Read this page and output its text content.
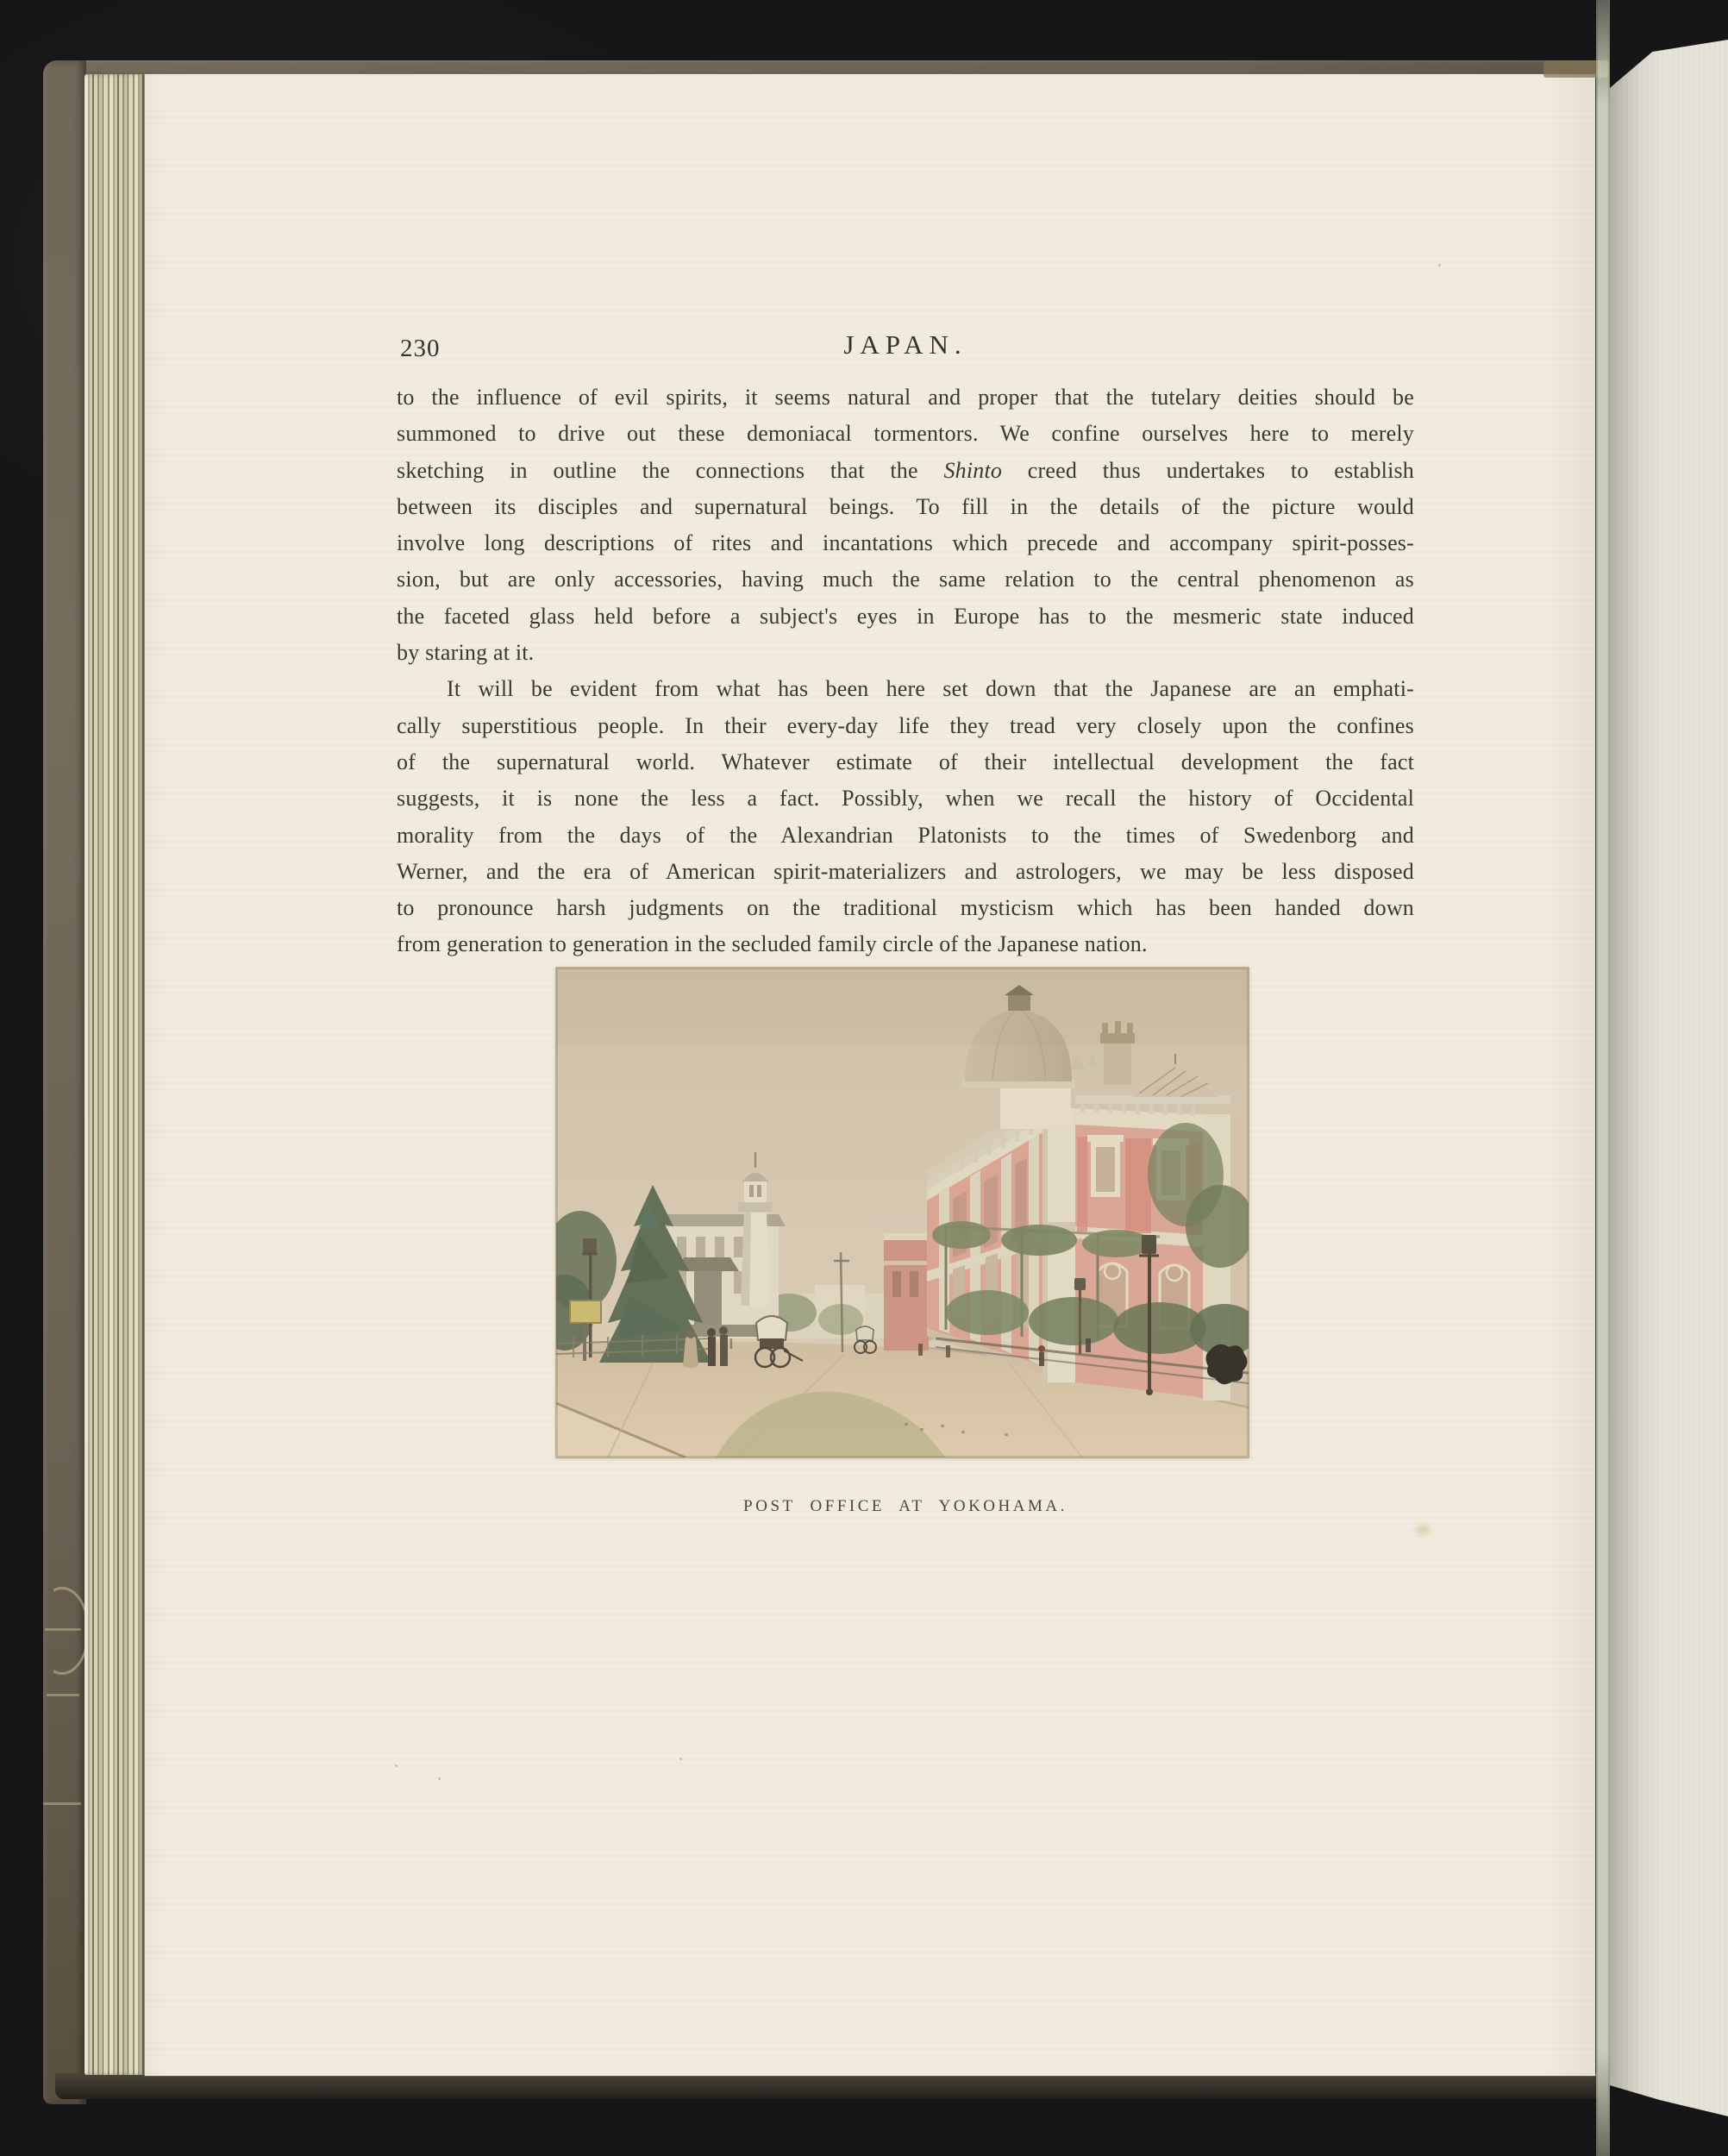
230	JAPAN.
to the influence of evil spirits, it seems natural and proper that the tutelary deities should be
summoned to drive out these demoniacal tormentors. We confine ourselves here to merely
sketching in outline the connections that the Shinto creed thus undertakes to establish
between its disciples and supernatural beings. To fill in the details of the picture would
involve long descriptions of rites and incantations which precede and accompany spirit-posses-
sion, but are only accessories, having much the same relation to the central phenomenon as
the faceted glass held before a subject's eyes in Europe has to the mesmeric state induced
by staring at it.
It will be evident from what has been here set down that the Japanese are an emphati-
cally superstitious people. In their every-day life they tread very closely upon the confines
of the supernatural world. Whatever estimate of their intellectual development the fact
suggests, it is none the less a fact. Possibly, when we recall the history of Occidental
morality from the days of the Alexandrian Platonists to the times of Swedenborg and
Werner, and the era of American spirit-materializers and astrologers, we may be less disposed
to pronounce harsh judgments on the traditional mysticism which has been handed down
from generation to generation in the secluded family circle of the Japanese nation.
POST OFFICE AT YOKOHAMA.
